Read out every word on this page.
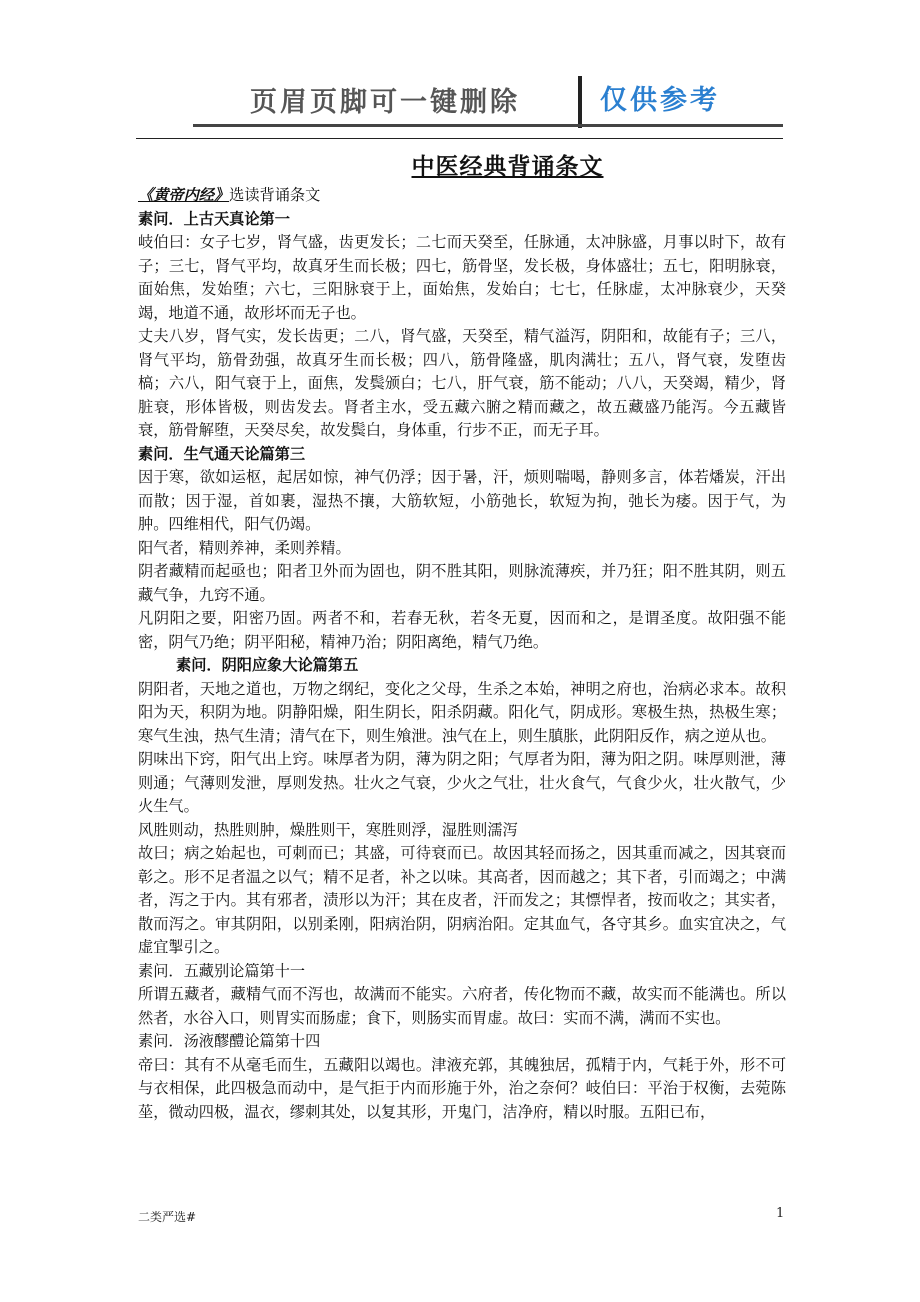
页眉页脚可一键删除	仅供参考
中医经典背诵条文

《黄帝内经》选读背诵条文

素问．上古天真论第一

岐伯曰：女子七岁，肾气盛，齿更发长；二七而天癸至，任脉通，太冲脉盛，月事以时下，故有子；三七，肾气平均，故真牙生而长极；四七，筋骨坚，发长极，身体盛壮；五七，阳明脉衰，面始焦，发始堕；六七，三阳脉衰于上，面始焦，发始白；七七，任脉虚，太冲脉衰少，天癸竭，地道不通，故形坏而无子也。

丈夫八岁，肾气实，发长齿更；二八，肾气盛，天癸至，精气溢泻，阴阳和，故能有子；三八，肾气平均，筋骨劲强，故真牙生而长极；四八，筋骨隆盛，肌肉满壮；五八，肾气衰，发堕齿槁；六八，阳气衰于上，面焦，发鬓颁白；七八，肝气衰，筋不能动；八八，天癸竭，精少，肾脏衰，形体皆极，则齿发去。肾者主水，受五藏六腑之精而藏之，故五藏盛乃能泻。今五藏皆衰，筋骨解堕，天癸尽矣，故发鬓白，身体重，行步不正，而无子耳。

素问．生气通天论篇第三

因于寒，欲如运枢，起居如惊，神气仍浮；因于暑，汗，烦则喘喝，静则多言，体若燔炭，汗出而散；因于湿，首如裹，湿热不攘，大筋软短，小筋弛长，软短为拘，弛长为痿。因于气，为肿。四维相代，阳气仍竭。

阳气者，精则养神，柔则养精。

阴者藏精而起亟也；阳者卫外而为固也，阴不胜其阳，则脉流薄疾，并乃狂；阳不胜其阴，则五藏气争，九窍不通。

凡阴阳之要，阳密乃固。两者不和，若春无秋，若冬无夏，因而和之，是谓圣度。故阳强不能密，阴气乃绝；阴平阳秘，精神乃治；阴阳离绝，精气乃绝。

素问．阴阳应象大论篇第五

阴阳者，天地之道也，万物之纲纪，变化之父母，生杀之本始，神明之府也，治病必求本。故积阳为天，积阴为地。阴静阳燥，阳生阴长，阳杀阴藏。阳化气，阴成形。寒极生热，热极生寒；寒气生浊，热气生清；清气在下，则生飧泄。浊气在上，则生䐜胀，此阴阳反作，病之逆从也。

阴味出下窍，阳气出上窍。味厚者为阴，薄为阴之阳；气厚者为阳，薄为阳之阴。味厚则泄，薄则通；气薄则发泄，厚则发热。壮火之气衰，少火之气壮，壮火食气，气食少火，壮火散气，少火生气。

风胜则动，热胜则肿，燥胜则干，寒胜则浮，湿胜则濡泻

故曰；病之始起也，可刺而已；其盛，可待衰而已。故因其轻而扬之，因其重而减之，因其衰而彰之。形不足者温之以气；精不足者，补之以味。其高者，因而越之；其下者，引而竭之；中满者，泻之于内。其有邪者，渍形以为汗；其在皮者，汗而发之；其慓悍者，按而收之；其实者，散而泻之。审其阴阳，以别柔刚，阳病治阴，阴病治阳。定其血气，各守其乡。血实宜决之，气虚宜掣引之。

素问．五藏别论篇第十一

所谓五藏者，藏精气而不泻也，故满而不能实。六府者，传化物而不藏，故实而不能满也。所以然者，水谷入口，则胃实而肠虚；食下，则肠实而胃虚。故曰：实而不满，满而不实也。

素问．汤液醪醴论篇第十四

帝曰：其有不从毫毛而生，五藏阳以竭也。津液充郭，其魄独居，孤精于内，气耗于外，形不可与衣相保，此四极急而动中，是气拒于内而形施于外，治之奈何？岐伯曰：平治于权衡，去菀陈莝，微动四极，温衣，缪刺其处，以复其形，开鬼门，洁净府，精以时服。五阳已布，

二类严选#	1
